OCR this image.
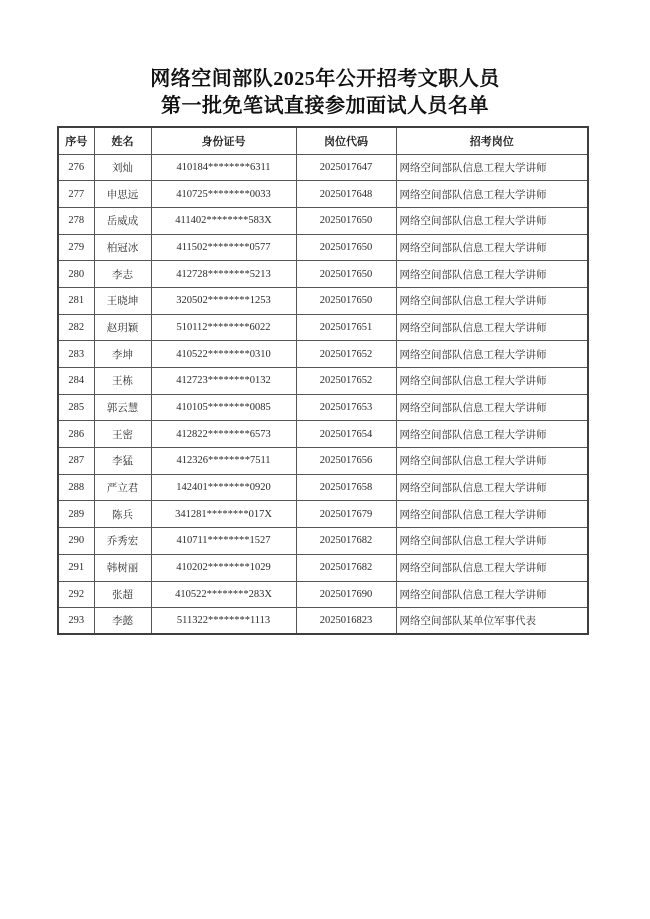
网络空间部队2025年公开招考文职人员
第一批免笔试直接参加面试人员名单
序号	姓名	身份证号	岗位代码	招考岗位
276	刘灿	410184********6311	2025017647	网络空间部队信息工程大学讲师
277	申思远	410725********0033	2025017648	网络空间部队信息工程大学讲师
278	岳威成	411402********583X	2025017650	网络空间部队信息工程大学讲师
279	柏冠冰	411502********0577	2025017650	网络空间部队信息工程大学讲师
280	李志	412728********5213	2025017650	网络空间部队信息工程大学讲师
281	王晓坤	320502********1253	2025017650	网络空间部队信息工程大学讲师
282	赵玥颖	510112********6022	2025017651	网络空间部队信息工程大学讲师
283	李坤	410522********0310	2025017652	网络空间部队信息工程大学讲师
284	王栋	412723********0132	2025017652	网络空间部队信息工程大学讲师
285	郭云慧	410105********0085	2025017653	网络空间部队信息工程大学讲师
286	王密	412822********6573	2025017654	网络空间部队信息工程大学讲师
287	李猛	412326********7511	2025017656	网络空间部队信息工程大学讲师
288	严立君	142401********0920	2025017658	网络空间部队信息工程大学讲师
289	陈兵	341281********017X	2025017679	网络空间部队信息工程大学讲师
290	乔秀宏	410711********1527	2025017682	网络空间部队信息工程大学讲师
291	韩树丽	410202********1029	2025017682	网络空间部队信息工程大学讲师
292	张超	410522********283X	2025017690	网络空间部队信息工程大学讲师
293	李懿	511322********1113	2025016823	网络空间部队某单位军事代表
